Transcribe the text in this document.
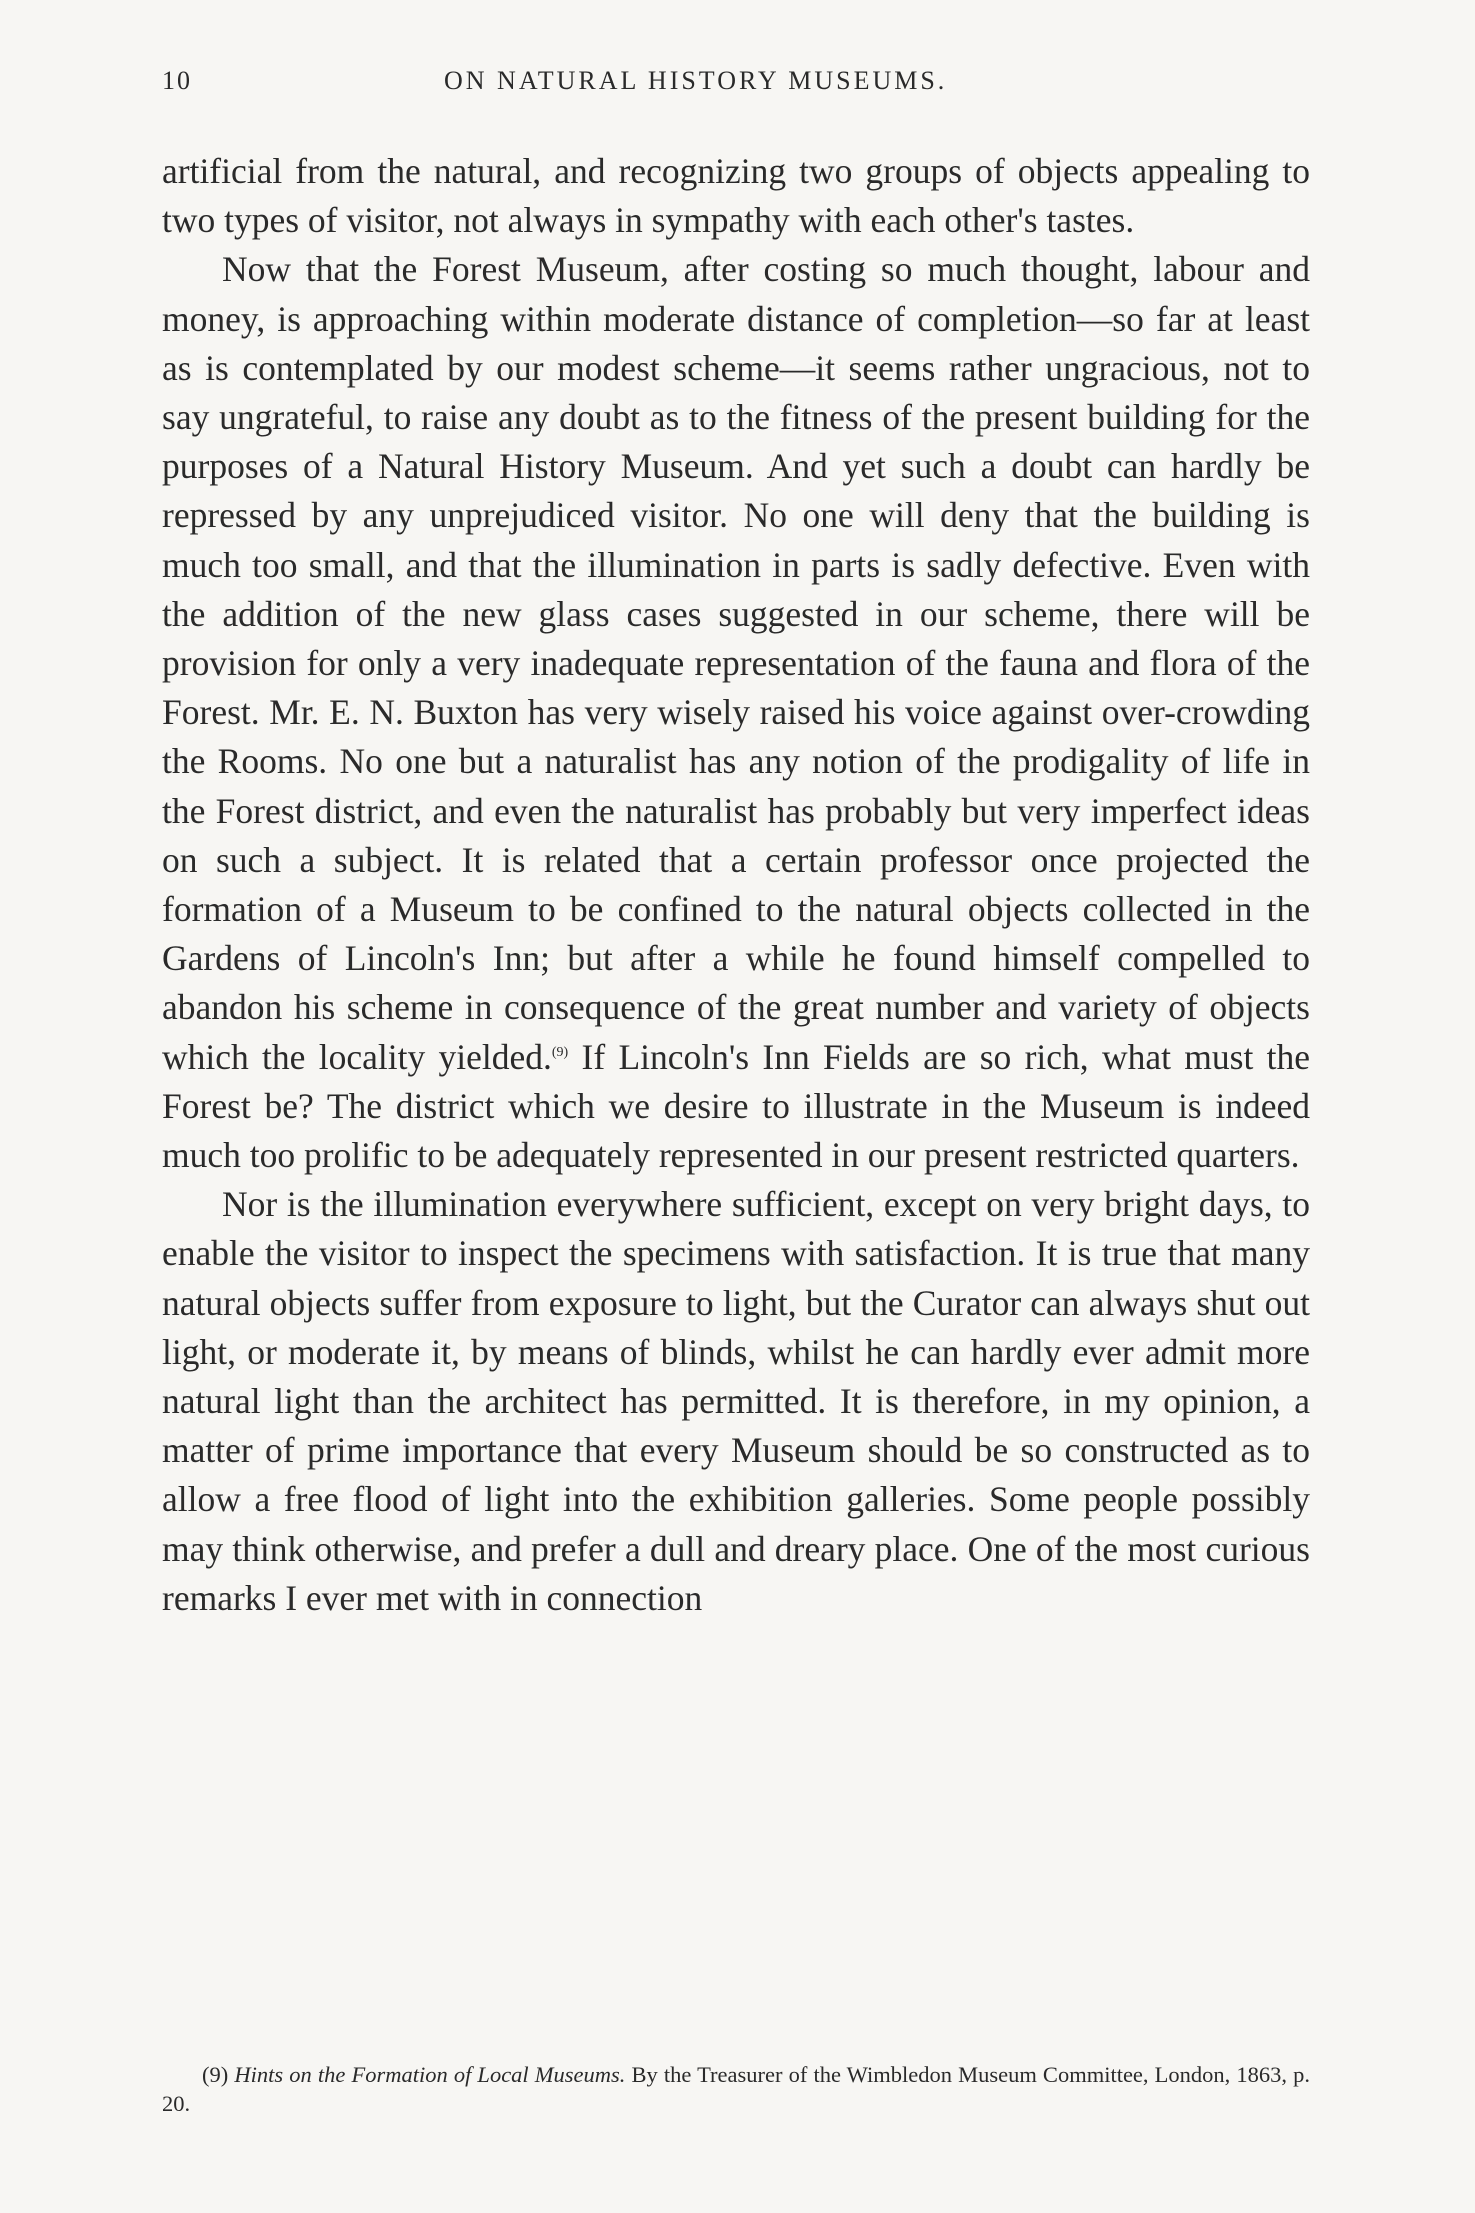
10	ON NATURAL HISTORY MUSEUMS.

artificial from the natural, and recognizing two groups of objects appealing to two types of visitor, not always in sympathy with each other's tastes.

Now that the Forest Museum, after costing so much thought, labour and money, is approaching within moderate distance of completion—so far at least as is contemplated by our modest scheme—it seems rather ungracious, not to say ungrateful, to raise any doubt as to the fitness of the present building for the purposes of a Natural History Museum. And yet such a doubt can hardly be repressed by any unprejudiced visitor. No one will deny that the building is much too small, and that the illumination in parts is sadly defective. Even with the addition of the new glass cases suggested in our scheme, there will be provision for only a very inadequate representation of the fauna and flora of the Forest. Mr. E. N. Buxton has very wisely raised his voice against over-crowding the Rooms. No one but a naturalist has any notion of the prodigality of life in the Forest district, and even the naturalist has probably but very imperfect ideas on such a subject. It is related that a certain professor once projected the formation of a Museum to be confined to the natural objects collected in the Gardens of Lincoln's Inn; but after a while he found himself compelled to abandon his scheme in consequence of the great number and variety of objects which the locality yielded.$^{(9)}$ If Lincoln's Inn Fields are so rich, what must the Forest be? The district which we desire to illustrate in the Museum is indeed much too prolific to be adequately represented in our present restricted quarters.

Nor is the illumination everywhere sufficient, except on very bright days, to enable the visitor to inspect the specimens with satisfaction. It is true that many natural objects suffer from exposure to light, but the Curator can always shut out light, or moderate it, by means of blinds, whilst he can hardly ever admit more natural light than the architect has permitted. It is therefore, in my opinion, a matter of prime importance that every Museum should be so constructed as to allow a free flood of light into the exhibition galleries. Some people possibly may think otherwise, and prefer a dull and dreary place. One of the most curious remarks I ever met with in connection

(9) Hints on the Formation of Local Museums. By the Treasurer of the Wimbledon Museum Committee, London, 1863, p. 20.
